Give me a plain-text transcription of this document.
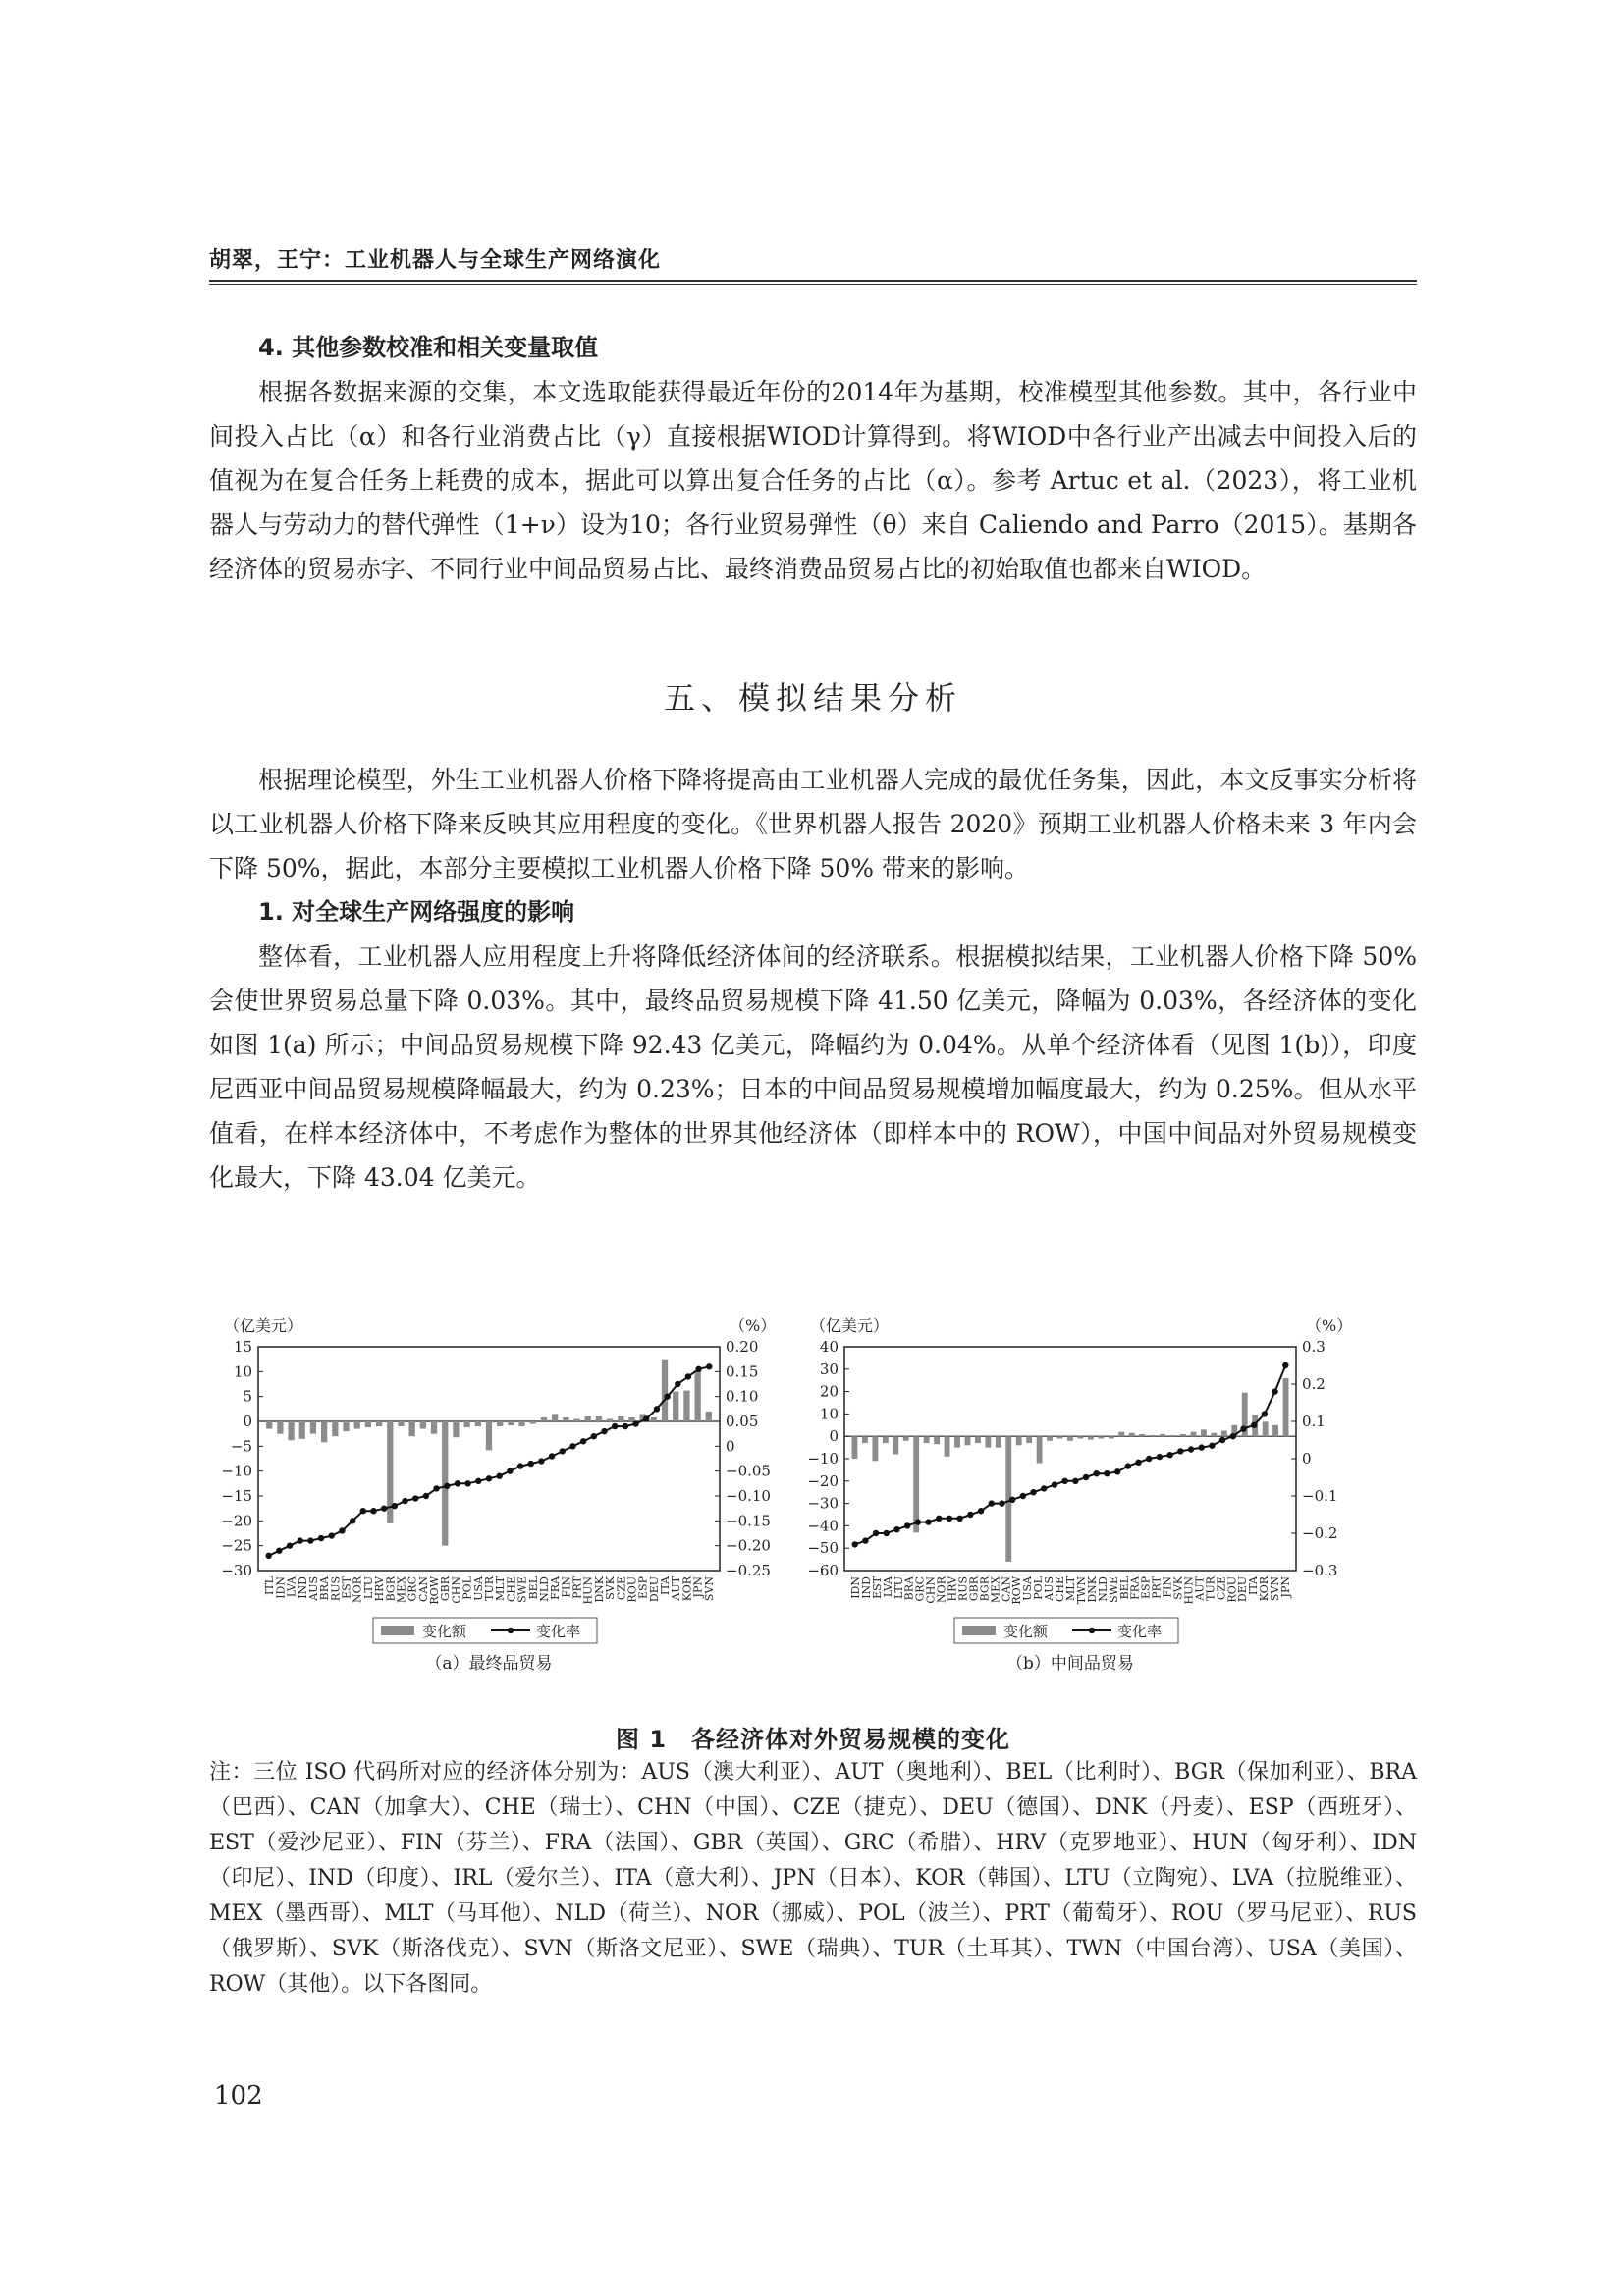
胡翠，王宁：工业机器人与全球生产网络演化
4. 其他参数校准和相关变量取值

根据各数据来源的交集，本文选取能获得最近年份的2014年为基期，校准模型其他参数。其中，各行业中间投入占比（α）和各行业消费占比（γ）直接根据WIOD计算得到。将WIOD中各行业产出减去中间投入后的值视为在复合任务上耗费的成本，据此可以算出复合任务的占比（α）。参考 Artuc et al.（2023），将工业机器人与劳动力的替代弹性（1+ν）设为10；各行业贸易弹性（θ）来自 Caliendo and Parro（2015）。基期各经济体的贸易赤字、不同行业中间品贸易占比、最终消费品贸易占比的初始取值也都来自WIOD。

五、模拟结果分析

根据理论模型，外生工业机器人价格下降将提高由工业机器人完成的最优任务集，因此，本文反事实分析将以工业机器人价格下降来反映其应用程度的变化。《世界机器人报告 2020》预期工业机器人价格未来 3 年内会下降 50%，据此，本部分主要模拟工业机器人价格下降 50% 带来的影响。

1. 对全球生产网络强度的影响

整体看，工业机器人应用程度上升将降低经济体间的经济联系。根据模拟结果，工业机器人价格下降 50% 会使世界贸易总量下降 0.03%。其中，最终品贸易规模下降 41.50 亿美元，降幅为 0.03%，各经济体的变化如图 1(a) 所示；中间品贸易规模下降 92.43 亿美元，降幅约为 0.04%。从单个经济体看（见图 1(b)），印度尼西亚中间品贸易规模降幅最大，约为 0.23%；日本的中间品贸易规模增加幅度最大，约为 0.25%。但从水平值看，在样本经济体中，不考虑作为整体的世界其他经济体（即样本中的 ROW），中国中间品对外贸易规模变化最大，下降 43.04 亿美元。

（亿美元）	（%）
15
10
5
0
−5
−10
−15
−20
−25
−30
0.20
0.15
0.10
0.05
0
−0.05
−0.10
−0.15
−0.20
−0.25
ITL
IDN
LVA
IND
AUS
BRA
RUS
EST
NOR
LTU
HRV
BGR
MEX
GRC
CAN
ROW
GBR
CHN
POL
USA
TUR
MLT
CHE
SWE
BEL
NLD
FRA
FIN
PRT
HUN
DNK
SVK
CZE
ROU
ESP
DEU
ITA
AUT
KOR
JPN
SVN
变化额	变化率
（a）最终品贸易
（亿美元）	（%）
40
30
20
10
0
−10
−20
−30
−40
−50
−60
0.3
0.2
0.1
0
−0.1
−0.2
−0.3
IDN
IND
EST
LVA
LTU
BRA
GRC
CHN
NOR
HRV
RUS
GBR
BGR
MEX
CAN
ROW
USA
POL
AUS
CHE
MLT
TWN
DNK
NLD
SWE
BEL
FRA
ESP
PRT
FIN
SVK
HUN
AUT
TUR
CZE
ROU
DEU
ITA
KOR
SVN
JPN
变化额	变化率
（b）中间品贸易
图 1　各经济体对外贸易规模的变化
注：三位 ISO 代码所对应的经济体分别为：AUS（澳大利亚）、AUT（奥地利）、BEL（比利时）、BGR（保加利亚）、BRA（巴西）、CAN（加拿大）、CHE（瑞士）、CHN（中国）、CZE（捷克）、DEU（德国）、DNK（丹麦）、ESP（西班牙）、EST（爱沙尼亚）、FIN（芬兰）、FRA（法国）、GBR（英国）、GRC（希腊）、HRV（克罗地亚）、HUN（匈牙利）、IDN（印尼）、IND（印度）、IRL（爱尔兰）、ITA（意大利）、JPN（日本）、KOR（韩国）、LTU（立陶宛）、LVA（拉脱维亚）、MEX（墨西哥）、MLT（马耳他）、NLD（荷兰）、NOR（挪威）、POL（波兰）、PRT（葡萄牙）、ROU（罗马尼亚）、RUS（俄罗斯）、SVK（斯洛伐克）、SVN（斯洛文尼亚）、SWE（瑞典）、TUR（土耳其）、TWN（中国台湾）、USA（美国）、ROW（其他）。以下各图同。
102
